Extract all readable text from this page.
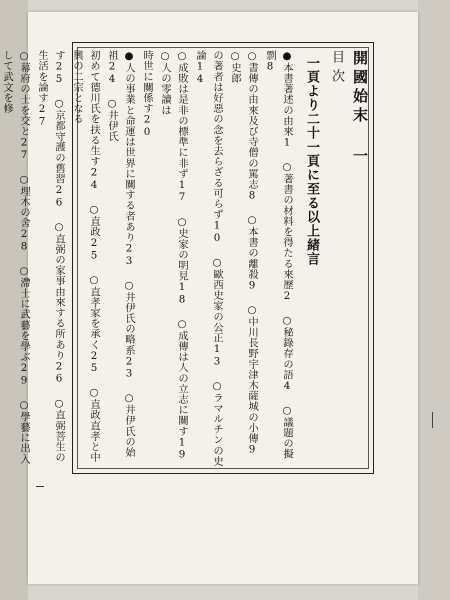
開國始末 一
目次
一頁より二十一頁に至る以上緒言
●本書著述の由來1 ○著書の材料を得たる來歷2 ○秘錄存の語4 ○議題の擬剽8
○書傳の由來及び寺僧の罵志8 ○本書の離殺9 ○中川長野宇津木薩城の小傳9 ○史郎
の著者は好惡の念を去らざる可らず10 ○歐西史家の公正13 ○ラマルチンの史論14
○成敗は是非の標準に非ず17 ○史家の明見18 ○成傳は人の立志に關す19 ○人の零讀は
時世に關係す20
●人の事業と命運は世界に關する者あり23 ○井伊氏の略系23 ○井伊氏の始祖24 ○井伊氏
初めて德川氏を扶る生す24 ○直政25 ○直孝家を承く25 ○直政直孝と中興の二宗となる
す25 ○京都守護の舊習26 ○直弼の家事由來する所あり26 ○直弼菩生の生活を論す27
○幕府の士を交と27 ○埋木の舍28 ○滯士に武藝を學ぶ29 ○學藝に出入して武文を修
